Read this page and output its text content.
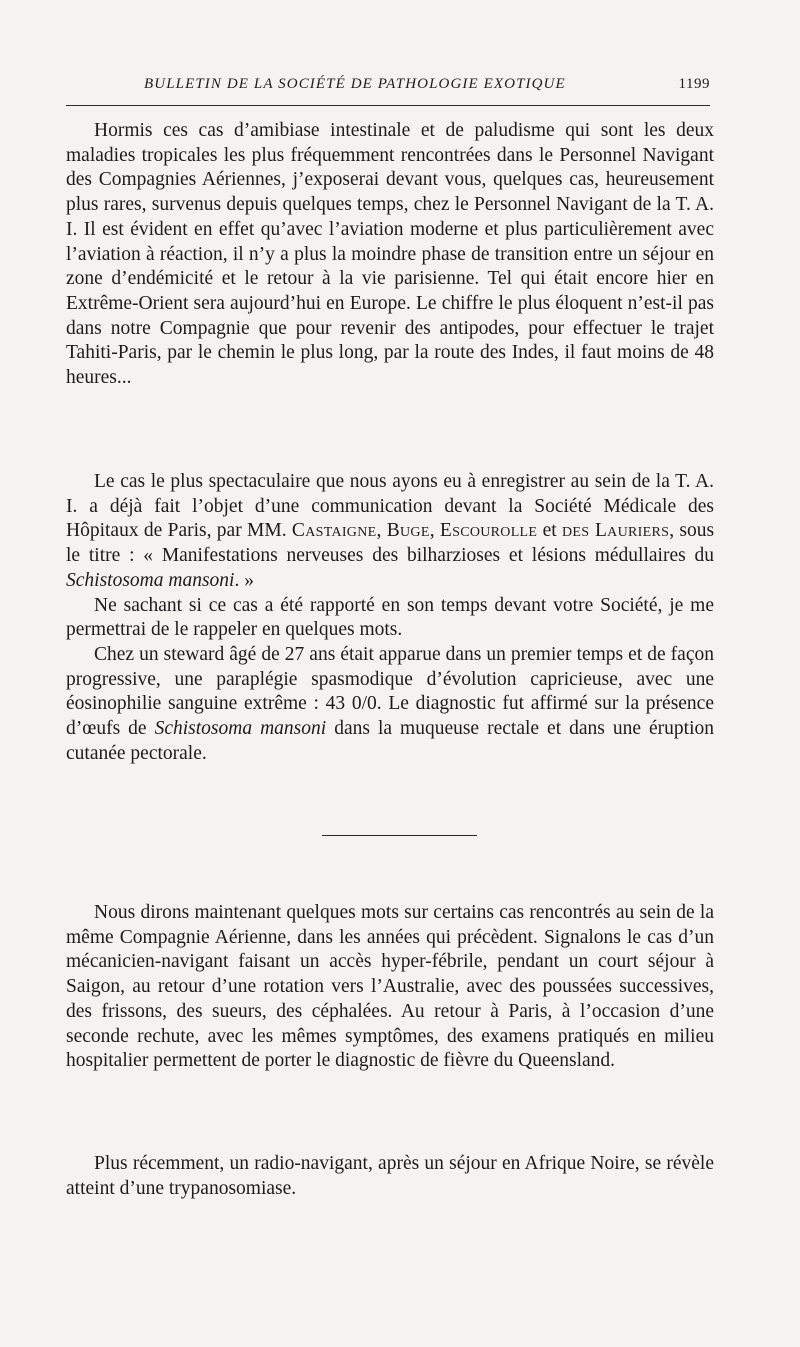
BULLETIN DE LA SOCIÉTÉ DE PATHOLOGIE EXOTIQUE	1199

Hormis ces cas d’amibiase intestinale et de paludisme qui sont les deux maladies tropicales les plus fréquemment rencontrées dans le Personnel Navigant des Compagnies Aériennes, j’exposerai devant vous, quelques cas, heureusement plus rares, survenus depuis quelques temps, chez le Personnel Navigant de la T. A. I. Il est évident en effet qu’avec l’aviation moderne et plus particulièrement avec l’aviation à réaction, il n’y a plus la moindre phase de transition entre un séjour en zone d’endémicité et le retour à la vie parisienne. Tel qui était encore hier en Extrême-Orient sera aujourd’hui en Europe. Le chiffre le plus éloquent n’est-il pas dans notre Compagnie que pour revenir des antipodes, pour effectuer le trajet Tahiti-Paris, par le chemin le plus long, par la route des Indes, il faut moins de 48 heures...

Le cas le plus spectaculaire que nous ayons eu à enregistrer au sein de la T. A. I. a déjà fait l’objet d’une communication devant la Société Médicale des Hôpitaux de Paris, par MM. Castaigne, Buge, Escourolle et des Lauriers, sous le titre : « Manifestations nerveuses des bilharzioses et lésions médullaires du Schistosoma mansoni. »

Ne sachant si ce cas a été rapporté en son temps devant votre Société, je me permettrai de le rappeler en quelques mots.

Chez un steward âgé de 27 ans était apparue dans un premier temps et de façon progressive, une paraplégie spasmodique d’évolution capricieuse, avec une éosinophilie sanguine extrême : 43 0/0. Le diagnostic fut affirmé sur la présence d’œufs de Schistosoma mansoni dans la muqueuse rectale et dans une éruption cutanée pectorale.

Nous dirons maintenant quelques mots sur certains cas rencontrés au sein de la même Compagnie Aérienne, dans les années qui précèdent. Signalons le cas d’un mécanicien-navigant faisant un accès hyper-fébrile, pendant un court séjour à Saigon, au retour d’une rotation vers l’Australie, avec des poussées successives, des frissons, des sueurs, des céphalées. Au retour à Paris, à l’occasion d’une seconde rechute, avec les mêmes symptômes, des examens pratiqués en milieu hospitalier permettent de porter le diagnostic de fièvre du Queensland.

Plus récemment, un radio-navigant, après un séjour en Afrique Noire, se révèle atteint d’une trypanosomiase.
